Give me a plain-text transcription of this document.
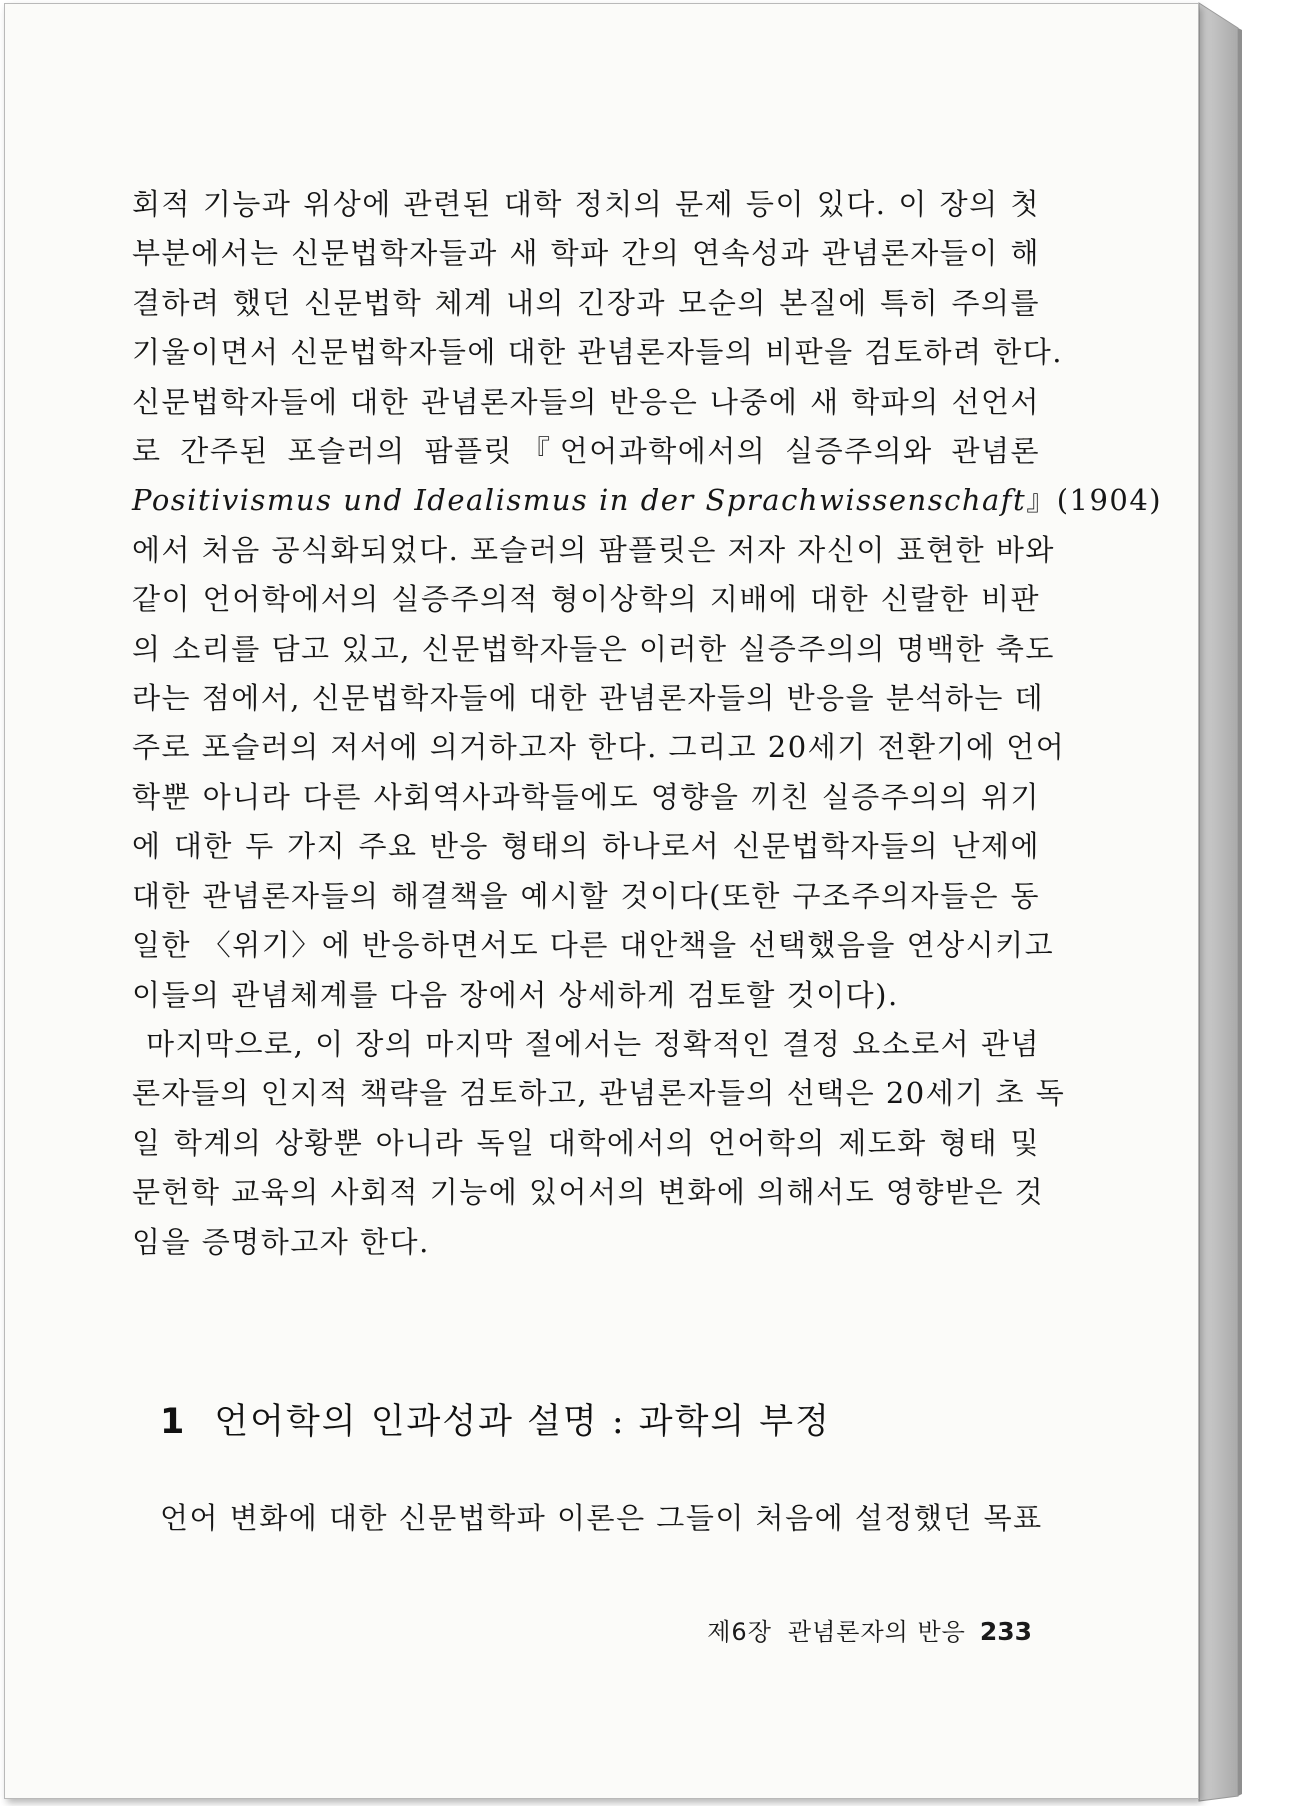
회적 기능과 위상에 관련된 대학 정치의 문제 등이 있다. 이 장의 첫
부분에서는 신문법학자들과 새 학파 간의 연속성과 관념론자들이 해
결하려 했던 신문법학 체계 내의 긴장과 모순의 본질에 특히 주의를
기울이면서 신문법학자들에 대한 관념론자들의 비판을 검토하려 한다.
신문법학자들에 대한 관념론자들의 반응은 나중에 새 학파의 선언서
로 간주된 포슬러의 팜플릿『언어과학에서의 실증주의와 관념론
Positivismus und Idealismus in der Sprachwissenschaft』(1904)
에서 처음 공식화되었다. 포슬러의 팜플릿은 저자 자신이 표현한 바와
같이 언어학에서의 실증주의적 형이상학의 지배에 대한 신랄한 비판
의 소리를 담고 있고, 신문법학자들은 이러한 실증주의의 명백한 축도
라는 점에서, 신문법학자들에 대한 관념론자들의 반응을 분석하는 데
주로 포슬러의 저서에 의거하고자 한다. 그리고 20세기 전환기에 언어
학뿐 아니라 다른 사회역사과학들에도 영향을 끼친 실증주의의 위기
에 대한 두 가지 주요 반응 형태의 하나로서 신문법학자들의 난제에
대한 관념론자들의 해결책을 예시할 것이다(또한 구조주의자들은 동
일한 〈위기〉에 반응하면서도 다른 대안책을 선택했음을 연상시키고
이들의 관념체계를 다음 장에서 상세하게 검토할 것이다).
마지막으로, 이 장의 마지막 절에서는 정확적인 결정 요소로서 관념
론자들의 인지적 책략을 검토하고, 관념론자들의 선택은 20세기 초 독
일 학계의 상황뿐 아니라 독일 대학에서의 언어학의 제도화 형태 및
문헌학 교육의 사회적 기능에 있어서의 변화에 의해서도 영향받은 것
임을 증명하고자 한다.
1 언어학의 인과성과 설명 : 과학의 부정
언어 변화에 대한 신문법학파 이론은 그들이 처음에 설정했던 목표
제6장 관념론자의 반응 233
